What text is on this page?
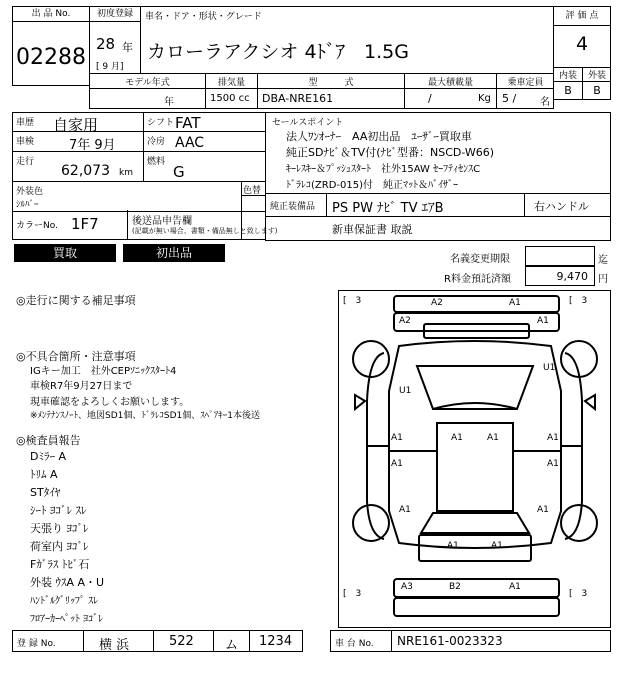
出 品 No.
02288
初度登録
28 年
[ 9 月]
車名・ドア・形状・グレード
カローラアクシオ 4ﾄﾞｱ　1.5G
評 価 点
4
内装	外装
B	B
モデル年式	排気量	型　　　式	最大積載量	乗車定員
年	1500 cc DBA-NRE161	/	Kg 5 / 名
車歴 自家用	シフト FAT
車検	7年 9月	冷房 AAC
走行
62,073 km
燃料
G
外装色
ｼﾙﾊﾞｰ
色替
カラーNo. 1F7	後送品申告欄
(記載が無い場合、書類・備品無しと致します)
セールスポイント
法人ﾜﾝｵｰﾅｰ　AA初出品　ﾕｰｻﾞｰ買取車
純正SDﾅﾋﾞ＆TV付(ﾅﾋﾞ型番：NSCD-W66)
ｷｰﾚｽｷｰ＆ﾌﾟｯｼｭｽﾀｰﾄ　社外15AW ｾｰﾌﾃｨｾﾝｽC
ﾄﾞﾗﾚｺ(ZRD-015)付　純正ﾏｯﾄ＆ﾊﾞｲｻﾞｰ
純正装備品 PS PW ﾅﾋﾞ TV ｴｱB	右ハンドル
新車保証書 取説
買取	初出品	名義変更期限	迄
R料金預託済額	9,470 円
◎走行に関する補足事項
◎不具合箇所・注意事項
IGキー加工　社外CEPｿﾆｯｸｽﾀｰﾄ4
車検R7年9月27日まで
現車確認をよろしくお願いします。
※ﾒﾝﾃﾅﾝｽﾉｰﾄ、地図SD1個、ﾄﾞﾗﾚｺSD1個、ｽﾍﾟｱｷｰ1本後送
◎検査員報告
Dﾐﾗｰ A
ﾄﾘﾑ A
STﾀｲﾔ
ｼｰﾄ ﾖｺﾞﾚ ｽﾚ
天張り ﾖｺﾞﾚ
荷室内 ﾖｺﾞﾚ
Fｶﾞﾗｽ ﾄﾋﾞ石
外装 ｳｽA A・U
ﾊﾝﾄﾞﾙｸﾞﾘｯﾌﾟ ｽﾚ
ﾌﾛｱｰｶｰﾍﾟｯﾄ ﾖｺﾞﾚ
[　3　	[　3
[　3	[　3
A2	A1
A2	A1
U1
U1
A1
A1
A1
A1
A1	A1
A1	A1
A1	A1
A3	B2	A1
登 録 No.	横 浜	522 ム 1234	車 台 No. NRE161-0023323
